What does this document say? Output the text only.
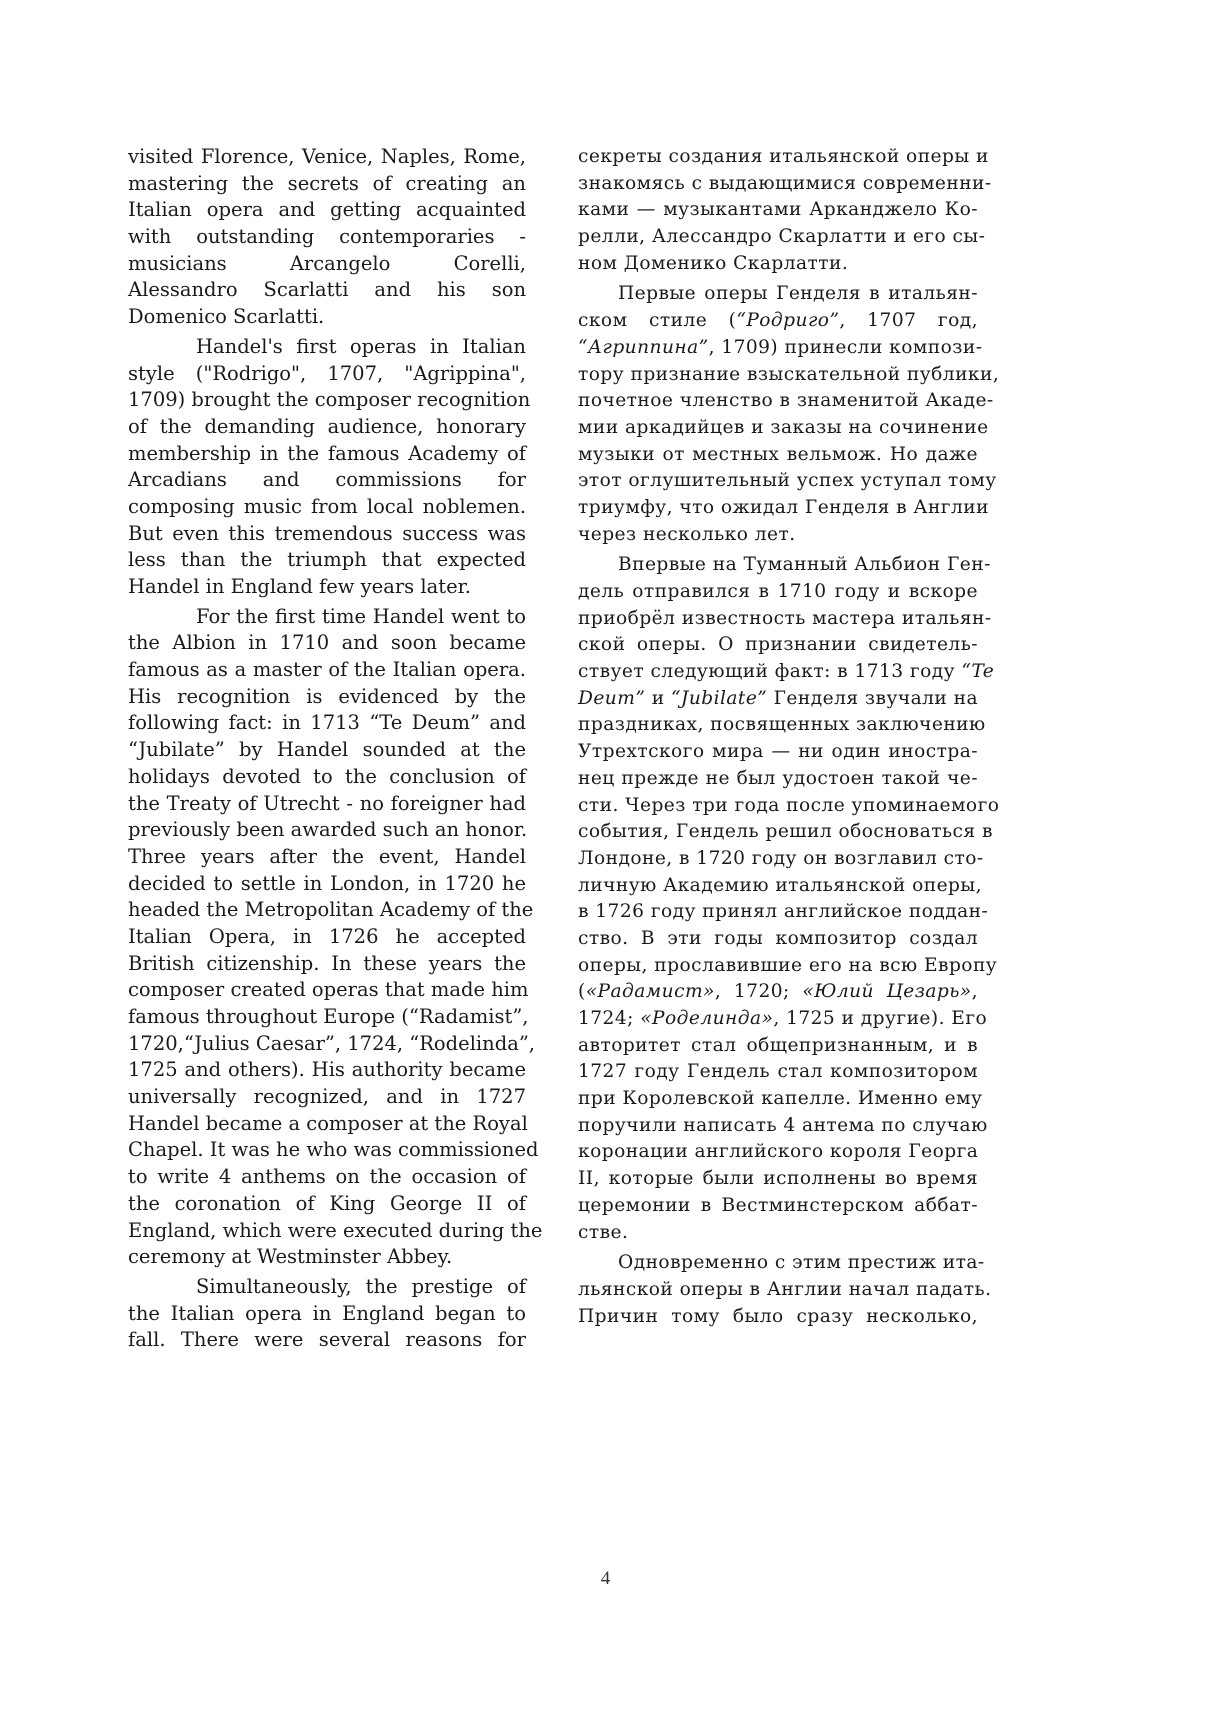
visited Florence, Venice, Naples, Rome,
mastering the secrets of creating an
Italian opera and getting acquainted
with outstanding contemporaries -
musicians Arcangelo Corelli,
Alessandro Scarlatti and his son
Domenico Scarlatti.
Handel's first operas in Italian
style ("Rodrigo", 1707, "Agrippina",
1709) brought the composer recognition
of the demanding audience, honorary
membership in the famous Academy of
Arcadians and commissions for
composing music from local noblemen.
But even this tremendous success was
less than the triumph that expected
Handel in England few years later.
For the first time Handel went to
the Albion in 1710 and soon became
famous as a master of the Italian opera.
His recognition is evidenced by the
following fact: in 1713 “Te Deum” and
“Jubilate” by Handel sounded at the
holidays devoted to the conclusion of
the Treaty of Utrecht - no foreigner had
previously been awarded such an honor.
Three years after the event, Handel
decided to settle in London, in 1720 he
headed the Metropolitan Academy of the
Italian Opera, in 1726 he accepted
British citizenship. In these years the
composer created operas that made him
famous throughout Europe (“Radamist”,
1720,“Julius Caesar”, 1724, “Rodelinda”,
1725 and others). His authority became
universally recognized, and in 1727
Handel became a composer at the Royal
Chapel. It was he who was commissioned
to write 4 anthems on the occasion of
the coronation of King George II of
England, which were executed during the
ceremony at Westminster Abbey.
Simultaneously, the prestige of
the Italian opera in England began to
fall. There were several reasons for
секреты создания итальянской оперы и
знакомясь с выдающимися современни-
ками — музыкантами Арканджело Ко-
релли, Алессандро Скарлатти и его сы-
ном Доменико Скарлатти.
Первые оперы Генделя в итальян-
ском стиле (“Родриго”, 1707 год,
“Агриппина”, 1709) принесли компози-
тору признание взыскательной публики,
почетное членство в знаменитой Акаде-
мии аркадийцев и заказы на сочинение
музыки от местных вельмож. Но даже
этот оглушительный успех уступал тому
триумфу, что ожидал Генделя в Англии
через несколько лет.
Впервые на Туманный Альбион Ген-
дель отправился в 1710 году и вскоре
приобрёл известность мастера итальян-
ской оперы. О признании свидетель-
ствует следующий факт: в 1713 году “Te
Deum” и “Jubilate” Генделя звучали на
праздниках, посвященных заключению
Утрехтского мира — ни один иностра-
нец прежде не был удостоен такой че-
сти. Через три года после упоминаемого
события, Гендель решил обосноваться в
Лондоне, в 1720 году он возглавил сто-
личную Академию итальянской оперы,
в 1726 году принял английское поддан-
ство. В эти годы композитор создал
оперы, прославившие его на всю Европу
(«Радамист», 1720; «Юлий Цезарь»,
1724; «Роделинда», 1725 и другие). Его
авторитет стал общепризнанным, и в
1727 году Гендель стал композитором
при Королевской капелле. Именно ему
поручили написать 4 антема по случаю
коронации английского короля Георга
II, которые были исполнены во время
церемонии в Вестминстерском аббат-
стве.
Одновременно с этим престиж ита-
льянской оперы в Англии начал падать.
Причин тому было сразу несколько,
4
